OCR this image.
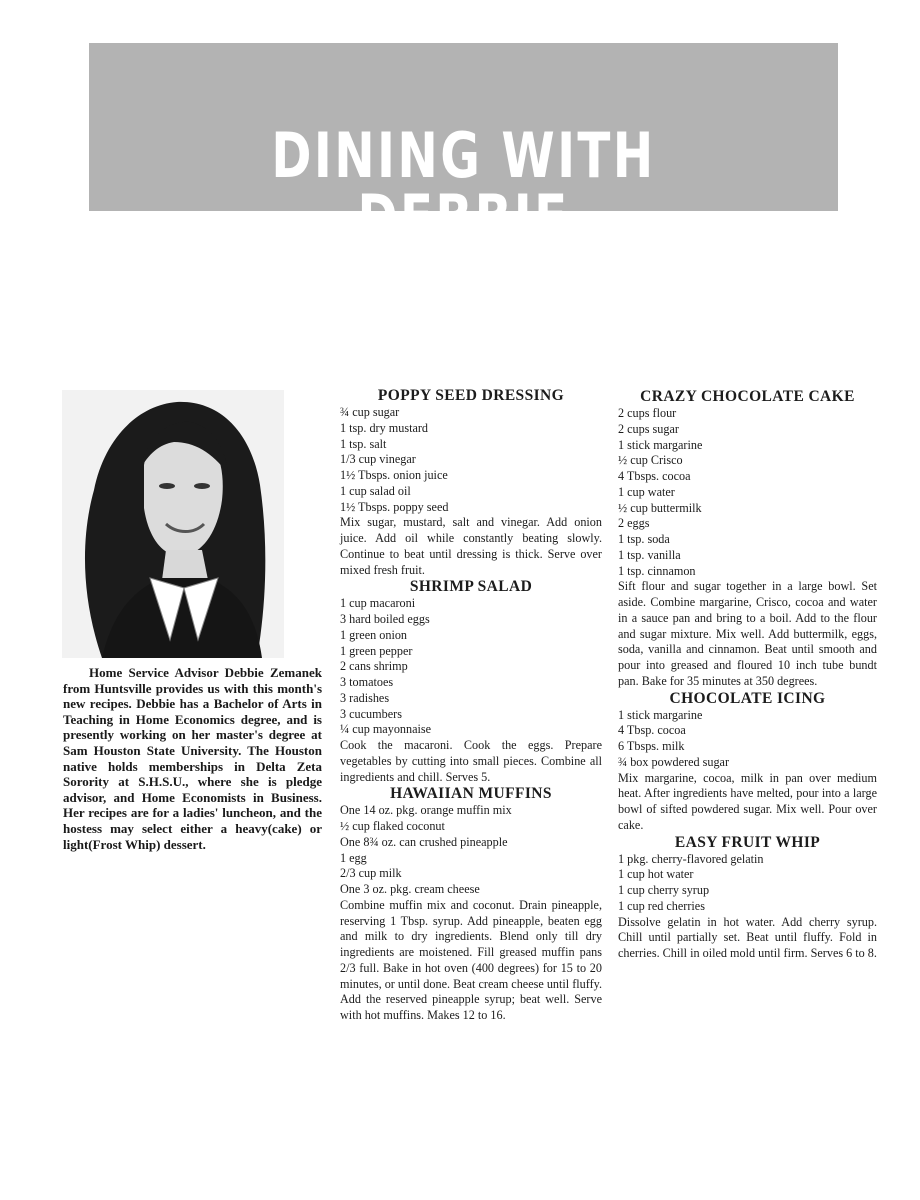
DINING WITH DEBBIE
Home Service Advisor Debbie Zemanek from Huntsville provides us with this month's new recipes. Debbie has a Bachelor of Arts in Teaching in Home Economics degree, and is presently working on her master's degree at Sam Houston State University. The Houston native holds memberships in Delta Zeta Sorority at S.H.S.U., where she is pledge advisor, and Home Economists in Business. Her recipes are for a ladies' luncheon, and the hostess may select either a heavy(cake) or light(Frost Whip) dessert.

POPPY SEED DRESSING

¾ cup sugar

1 tsp. dry mustard

1 tsp. salt

1/3 cup vinegar

1½ Tbsps. onion juice

1 cup salad oil

1½ Tbsps. poppy seed

Mix sugar, mustard, salt and vinegar. Add onion juice. Add oil while constantly beating slowly. Continue to beat until dressing is thick. Serve over mixed fresh fruit.

SHRIMP SALAD

1 cup macaroni

3 hard boiled eggs

1 green onion

1 green pepper

2 cans shrimp

3 tomatoes

3 radishes

3 cucumbers

¼ cup mayonnaise

Cook the macaroni. Cook the eggs. Prepare vegetables by cutting into small pieces. Combine all ingredients and chill. Serves 5.

HAWAIIAN MUFFINS

One 14 oz. pkg. orange muffin mix

½ cup flaked coconut

One 8¾ oz. can crushed pineapple

1 egg

2/3 cup milk

One 3 oz. pkg. cream cheese

Combine muffin mix and coconut. Drain pineapple, reserving 1 Tbsp. syrup. Add pineapple, beaten egg and milk to dry ingredients. Blend only till dry ingredients are moistened. Fill greased muffin pans 2/3 full. Bake in hot oven (400 degrees) for 15 to 20 minutes, or until done. Beat cream cheese until fluffy. Add the reserved pineapple syrup; beat well. Serve with hot muffins. Makes 12 to 16.

CRAZY CHOCOLATE CAKE

2 cups flour

2 cups sugar

1 stick margarine

½ cup Crisco

4 Tbsps. cocoa

1 cup water

½ cup buttermilk

2 eggs

1 tsp. soda

1 tsp. vanilla

1 tsp. cinnamon

Sift flour and sugar together in a large bowl. Set aside. Combine margarine, Crisco, cocoa and water in a sauce pan and bring to a boil. Add to the flour and sugar mixture. Mix well. Add buttermilk, eggs, soda, vanilla and cinnamon. Beat until smooth and pour into greased and floured 10 inch tube bundt pan. Bake for 35 minutes at 350 degrees.

CHOCOLATE ICING

1 stick margarine

4 Tbsp. cocoa

6 Tbsps. milk

¾ box powdered sugar

Mix margarine, cocoa, milk in pan over medium heat. After ingredients have melted, pour into a large bowl of sifted powdered sugar. Mix well. Pour over cake.

EASY FRUIT WHIP

1 pkg. cherry-flavored gelatin

1 cup hot water

1 cup cherry syrup

1 cup red cherries

Dissolve gelatin in hot water. Add cherry syrup. Chill until partially set. Beat until fluffy. Fold in cherries. Chill in oiled mold until firm. Serves 6 to 8.
